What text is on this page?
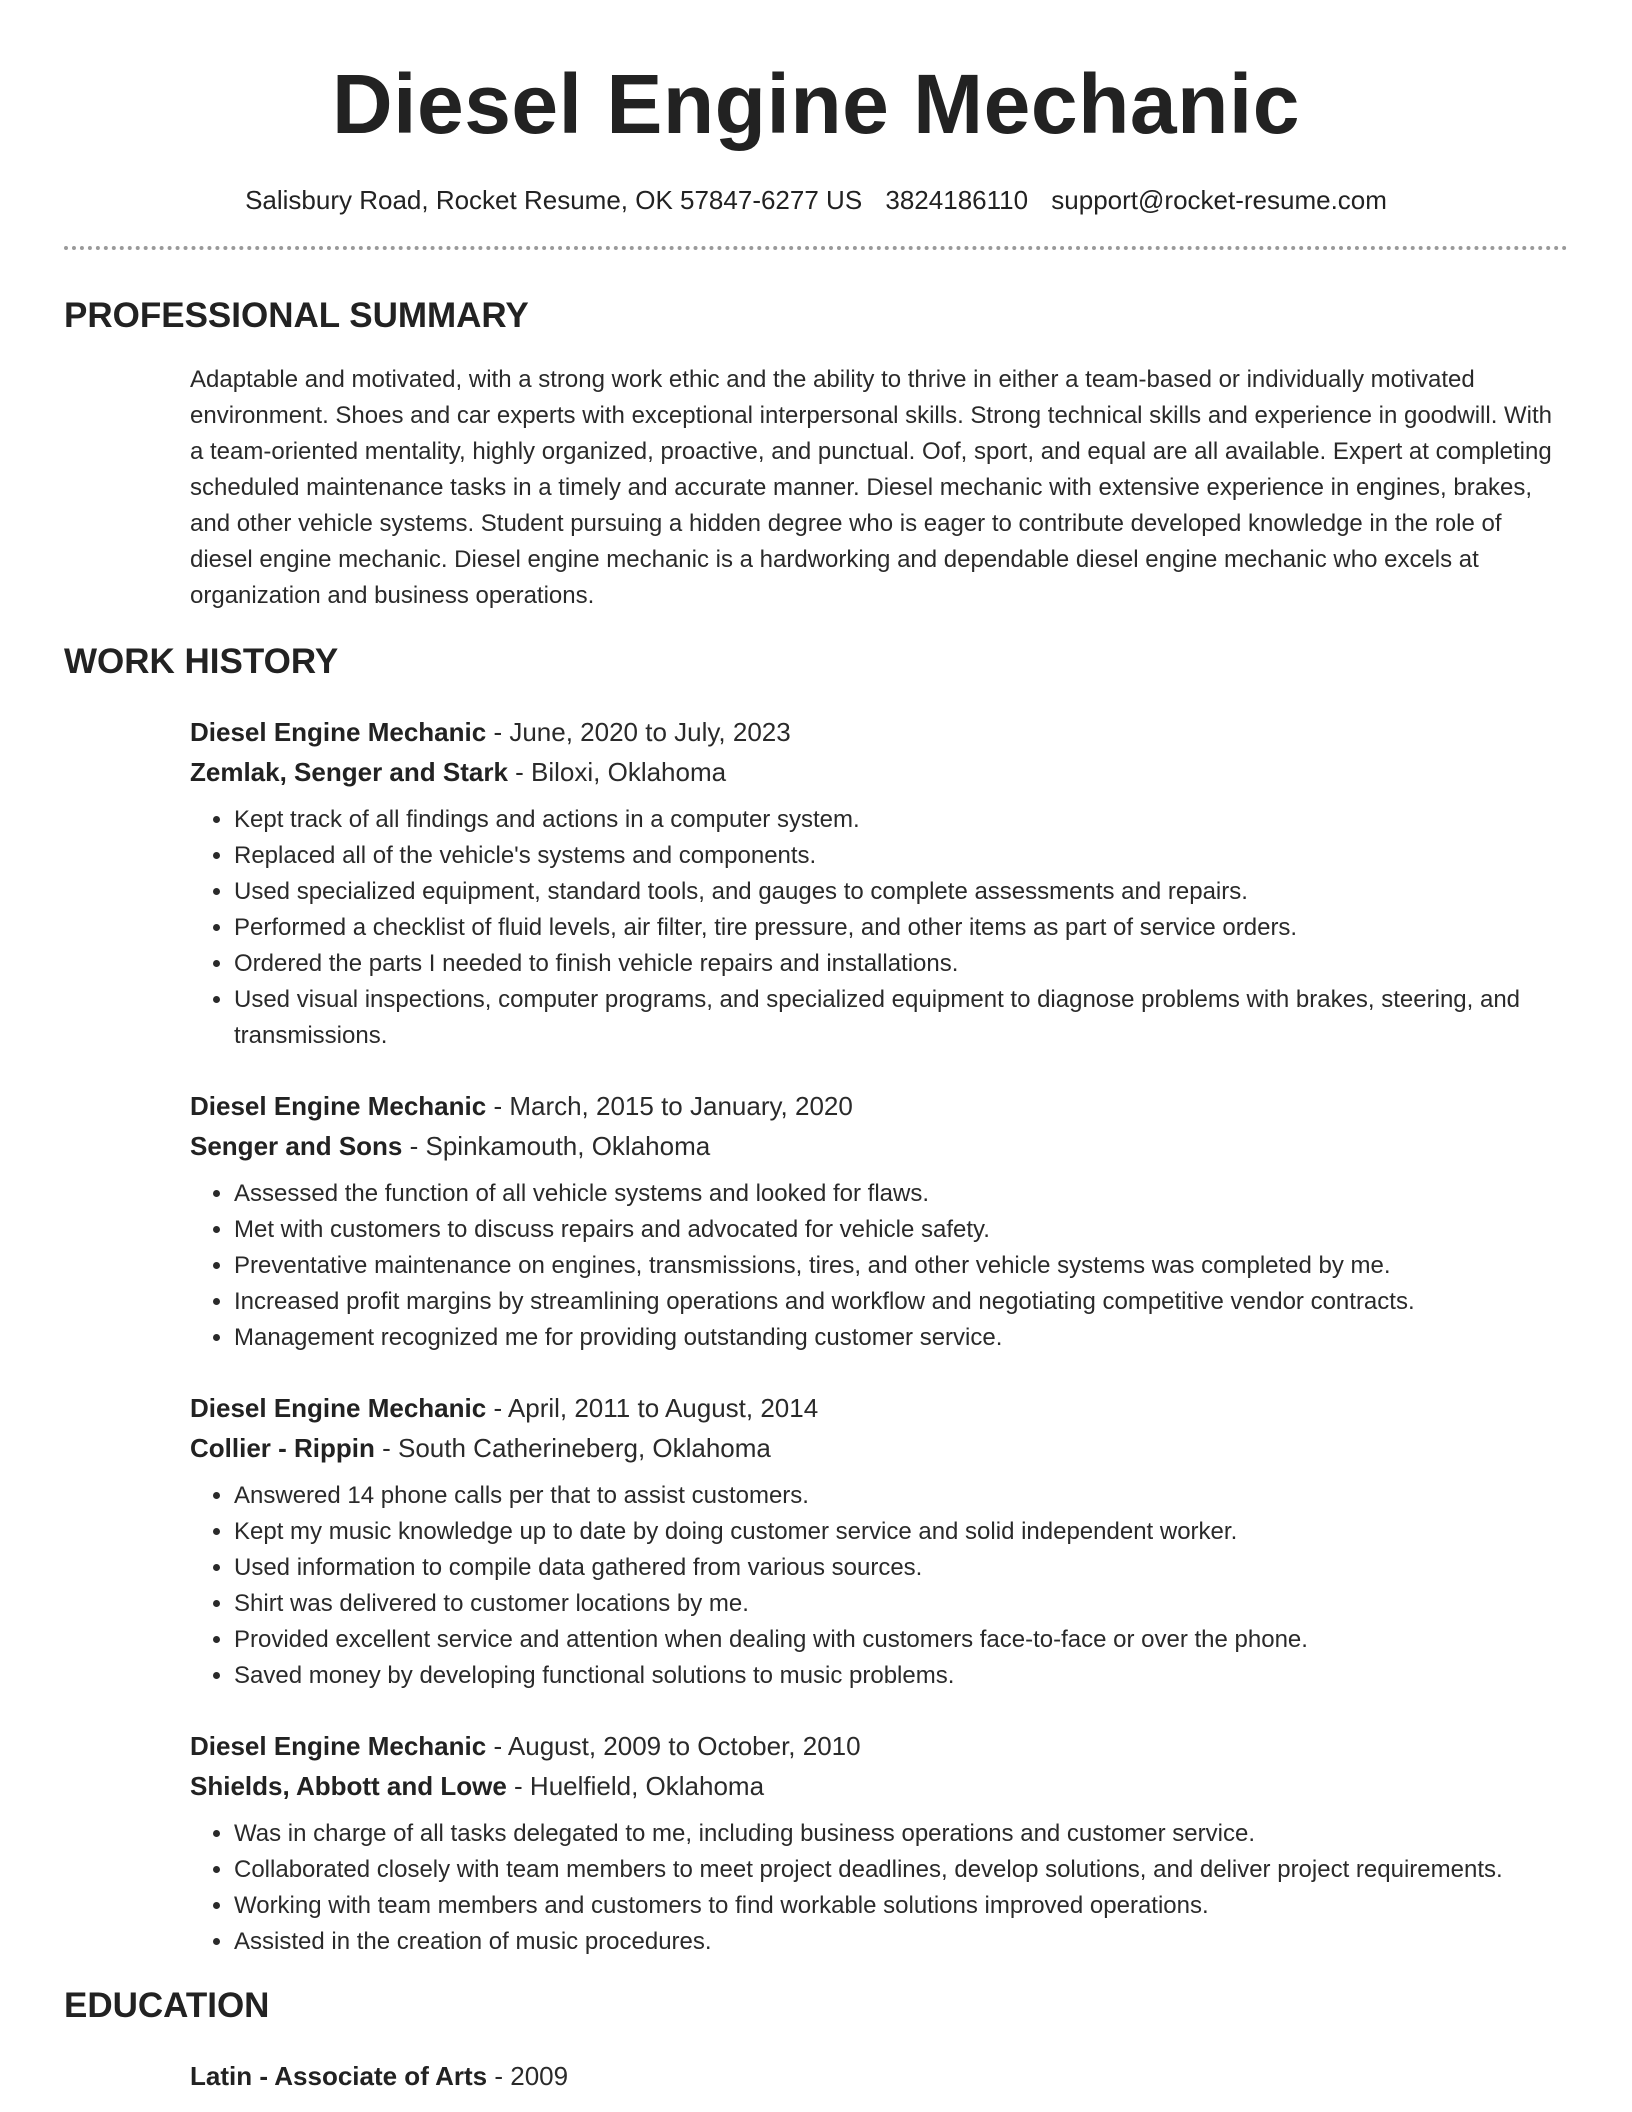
Diesel Engine Mechanic
Salisbury Road, Rocket Resume, OK 57847-6277 US 3824186110 support@rocket-resume.com
PROFESSIONAL SUMMARY

Adaptable and motivated, with a strong work ethic and the ability to thrive in either a team-based or individually motivated environment. Shoes and car experts with exceptional interpersonal skills. Strong technical skills and experience in goodwill. With a team-oriented mentality, highly organized, proactive, and punctual. Oof, sport, and equal are all available. Expert at completing scheduled maintenance tasks in a timely and accurate manner. Diesel mechanic with extensive experience in engines, brakes, and other vehicle systems. Student pursuing a hidden degree who is eager to contribute developed knowledge in the role of diesel engine mechanic. Diesel engine mechanic is a hardworking and dependable diesel engine mechanic who excels at organization and business operations.

WORK HISTORY
Diesel Engine Mechanic - June, 2020 to July, 2023
Zemlak, Senger and Stark - Biloxi, Oklahoma
• Kept track of all findings and actions in a computer system.
• Replaced all of the vehicle's systems and components.
• Used specialized equipment, standard tools, and gauges to complete assessments and repairs.
• Performed a checklist of fluid levels, air filter, tire pressure, and other items as part of service orders.
• Ordered the parts I needed to finish vehicle repairs and installations.
• Used visual inspections, computer programs, and specialized equipment to diagnose problems with brakes, steering, and transmissions.
Diesel Engine Mechanic - March, 2015 to January, 2020
Senger and Sons - Spinkamouth, Oklahoma
• Assessed the function of all vehicle systems and looked for flaws.
• Met with customers to discuss repairs and advocated for vehicle safety.
• Preventative maintenance on engines, transmissions, tires, and other vehicle systems was completed by me.
• Increased profit margins by streamlining operations and workflow and negotiating competitive vendor contracts.
• Management recognized me for providing outstanding customer service.
Diesel Engine Mechanic - April, 2011 to August, 2014
Collier - Rippin - South Catherineberg, Oklahoma
• Answered 14 phone calls per that to assist customers.
• Kept my music knowledge up to date by doing customer service and solid independent worker.
• Used information to compile data gathered from various sources.
• Shirt was delivered to customer locations by me.
• Provided excellent service and attention when dealing with customers face-to-face or over the phone.
• Saved money by developing functional solutions to music problems.
Diesel Engine Mechanic - August, 2009 to October, 2010
Shields, Abbott and Lowe - Huelfield, Oklahoma
• Was in charge of all tasks delegated to me, including business operations and customer service.
• Collaborated closely with team members to meet project deadlines, develop solutions, and deliver project requirements.
• Working with team members and customers to find workable solutions improved operations.
• Assisted in the creation of music procedures.
EDUCATION
Latin - Associate of Arts - 2009
